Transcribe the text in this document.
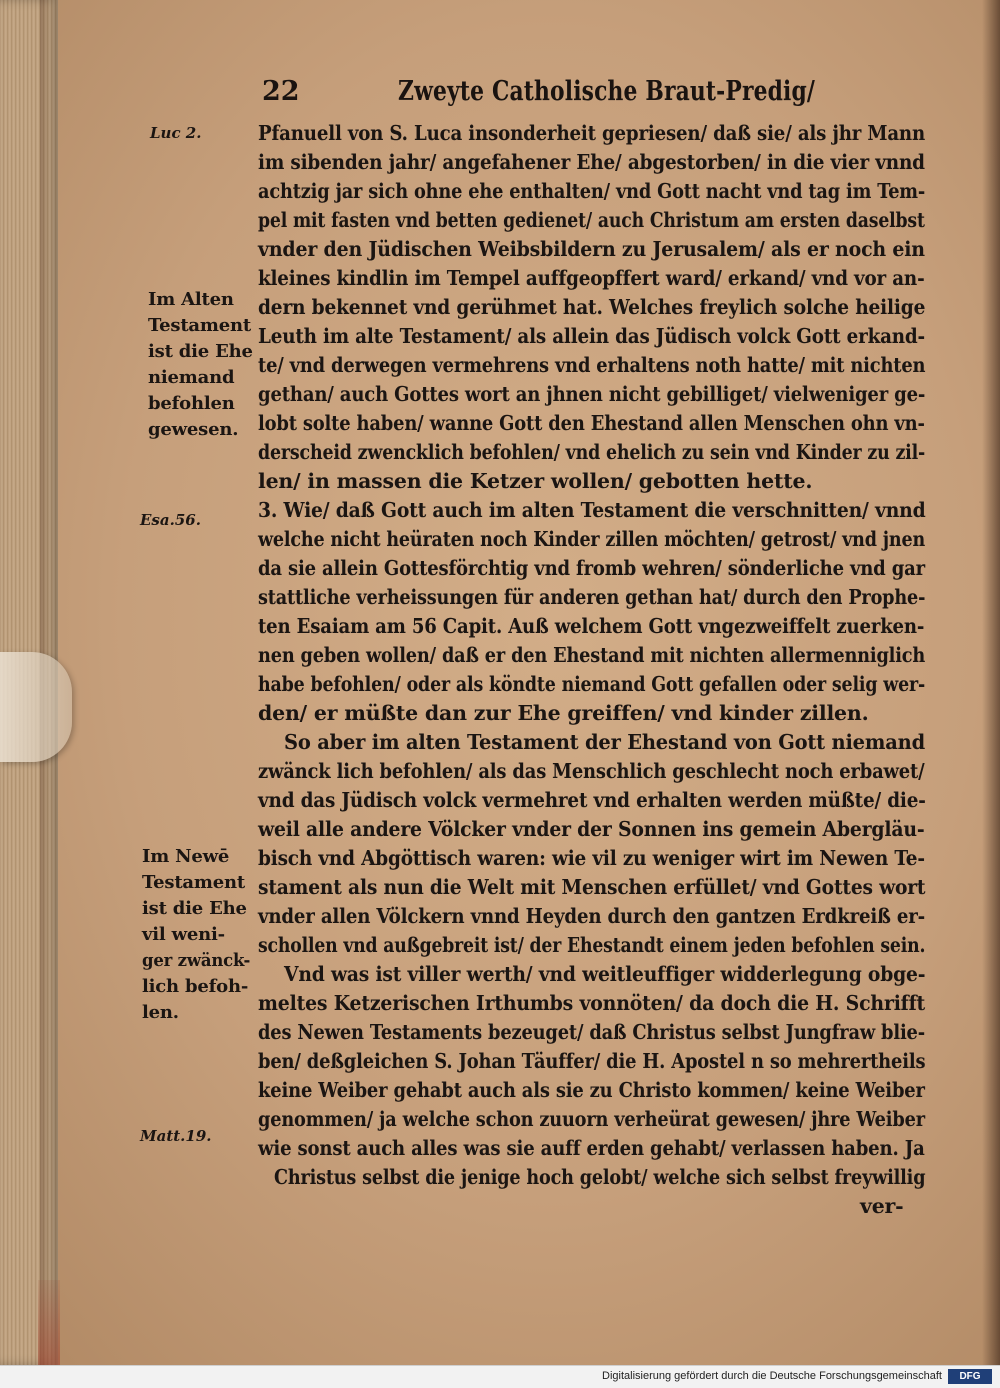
22	Zweyte Catholische Braut-Predig/
Luc 2.
Esa.56.
Matt.19.
Im Alten
Testament
ist die Ehe
niemand
befohlen
gewesen.
Im Newē
Testament
ist die Ehe
vil weni-
ger zwänck-
lich befoh-
len.
Pfanuell von S. Luca insonderheit gepriesen/ daß sie/ als jhr Mann
im sibenden jahr/ angefahener Ehe/ abgestorben/ in die vier vnnd
achtzig jar sich ohne ehe enthalten/ vnd Gott nacht vnd tag im Tem-
pel mit fasten vnd betten gedienet/ auch Christum am ersten daselbst
vnder den Jüdischen Weibsbildern zu Jerusalem/ als er noch ein
kleines kindlin im Tempel auffgeopffert ward/ erkand/ vnd vor an-
dern bekennet vnd gerühmet hat. Welches freylich solche heilige
Leuth im alte Testament/ als allein das Jüdisch volck Gott erkand-
te/ vnd derwegen vermehrens vnd erhaltens noth hatte/ mit nichten
gethan/ auch Gottes wort an jhnen nicht gebilliget/ vielweniger ge-
lobt solte haben/ wanne Gott den Ehestand allen Menschen ohn vn-
derscheid zwencklich befohlen/ vnd ehelich zu sein vnd Kinder zu zil-
len/ in massen die Ketzer wollen/ gebotten hette.
3. Wie/ daß Gott auch im alten Testament die verschnitten/ vnnd
welche nicht heüraten noch Kinder zillen möchten/ getrost/ vnd jnen
da sie allein Gottesförchtig vnd fromb wehren/ sönderliche vnd gar
stattliche verheissungen für anderen gethan hat/ durch den Prophe-
ten Esaiam am 56 Capit. Auß welchem Gott vngezweiffelt zuerken-
nen geben wollen/ daß er den Ehestand mit nichten allermenniglich
habe befohlen/ oder als köndte niemand Gott gefallen oder selig wer-
den/ er müßte dan zur Ehe greiffen/ vnd kinder zillen.
So aber im alten Testament der Ehestand von Gott niemand
zwänck lich befohlen/ als das Menschlich geschlecht noch erbawet/
vnd das Jüdisch volck vermehret vnd erhalten werden müßte/ die-
weil alle andere Völcker vnder der Sonnen ins gemein Abergläu-
bisch vnd Abgöttisch waren: wie vil zu weniger wirt im Newen Te-
stament als nun die Welt mit Menschen erfüllet/ vnd Gottes wort
vnder allen Völckern vnnd Heyden durch den gantzen Erdkreiß er-
schollen vnd außgebreit ist/ der Ehestandt einem jeden befohlen sein.
Vnd was ist viller werth/ vnd weitleuffiger widderlegung obge-
meltes Ketzerischen Irthumbs vonnöten/ da doch die H. Schrifft
des Newen Testaments bezeuget/ daß Christus selbst Jungfraw blie-
ben/ deßgleichen S. Johan Täuffer/ die H. Apostel n so mehrertheils
keine Weiber gehabt auch als sie zu Christo kommen/ keine Weiber
genommen/ ja welche schon zuuorn verheürat gewesen/ jhre Weiber
wie sonst auch alles was sie auff erden gehabt/ verlassen haben. Ja
Christus selbst die jenige hoch gelobt/ welche sich selbst freywillig
ver-
Digitalisierung gefördert durch die Deutsche Forschungsgemeinschaft	DFG
